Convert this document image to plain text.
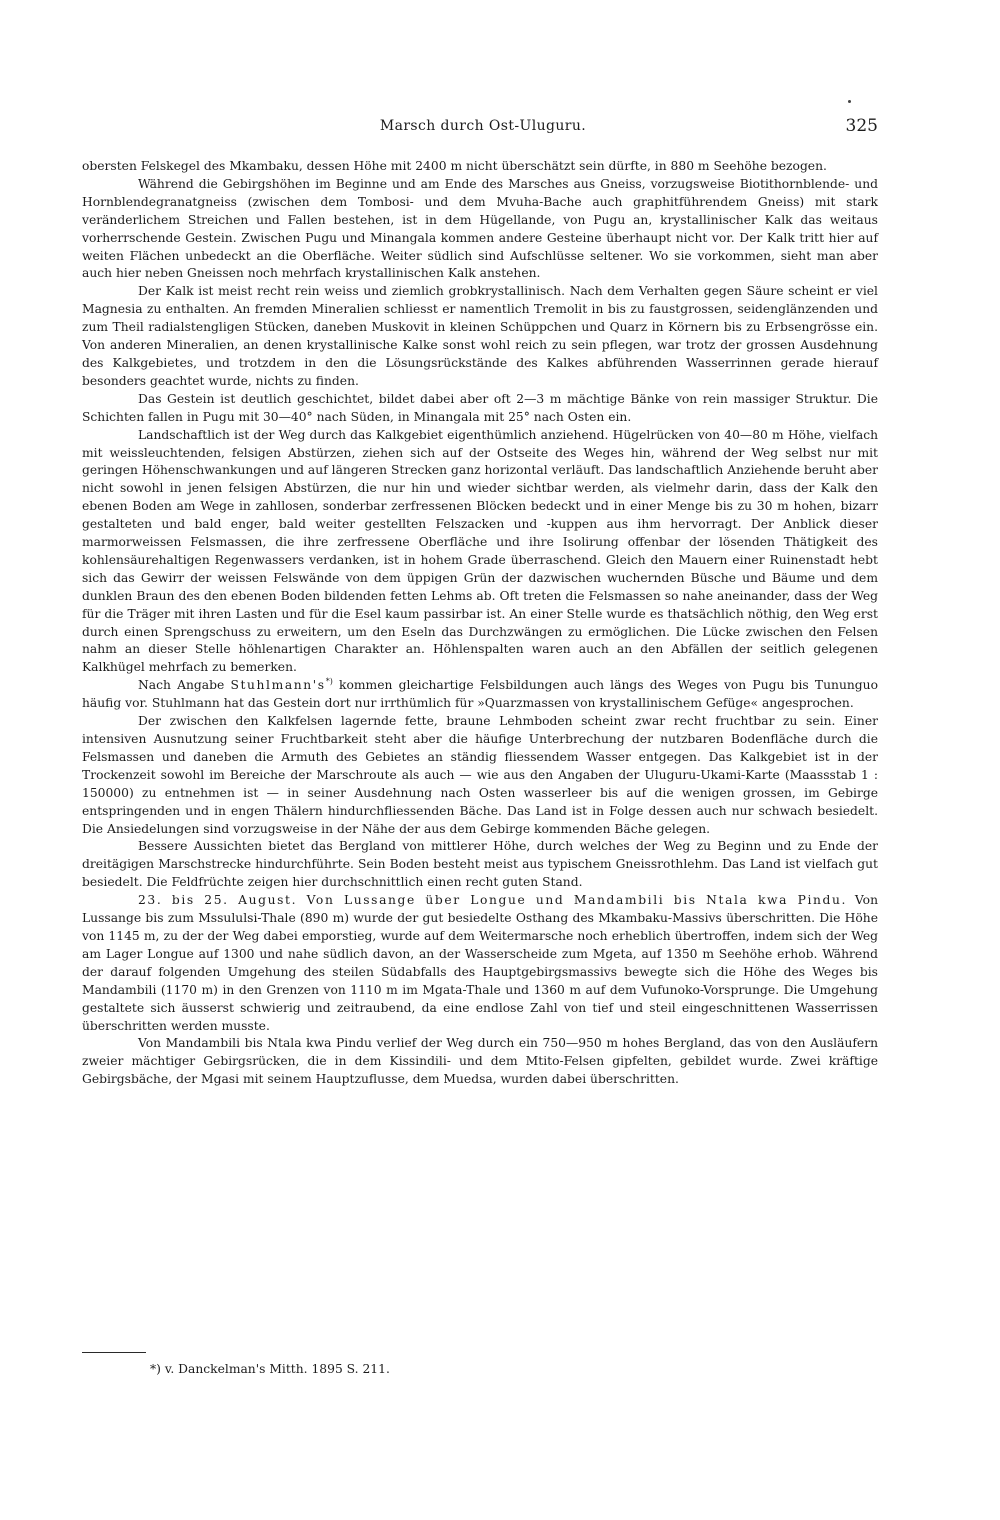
Marsch durch Ost-Uluguru.	325

obersten Felskegel des Mkambaku, dessen Höhe mit 2400 m nicht überschätzt sein dürfte, in 880 m Seehöhe bezogen.

Während die Gebirgshöhen im Beginne und am Ende des Marsches aus Gneiss, vorzugsweise Biotithornblende- und Hornblendegranatgneiss (zwischen dem Tombosi- und dem Mvuha-Bache auch graphitführendem Gneiss) mit stark veränderlichem Streichen und Fallen bestehen, ist in dem Hügellande, von Pugu an, krystallinischer Kalk das weitaus vorherrschende Gestein. Zwischen Pugu und Minangala kommen andere Gesteine überhaupt nicht vor. Der Kalk tritt hier auf weiten Flächen unbedeckt an die Oberfläche. Weiter südlich sind Aufschlüsse seltener. Wo sie vorkommen, sieht man aber auch hier neben Gneissen noch mehrfach krystallinischen Kalk anstehen.

Der Kalk ist meist recht rein weiss und ziemlich grobkrystallinisch. Nach dem Verhalten gegen Säure scheint er viel Magnesia zu enthalten. An fremden Mineralien schliesst er namentlich Tremolit in bis zu faustgrossen, seidenglänzenden und zum Theil radialstengligen Stücken, daneben Muskovit in kleinen Schüppchen und Quarz in Körnern bis zu Erbsengrösse ein. Von anderen Mineralien, an denen krystallinische Kalke sonst wohl reich zu sein pflegen, war trotz der grossen Ausdehnung des Kalkgebietes, und trotzdem in den die Lösungsrückstände des Kalkes abführenden Wasserrinnen gerade hierauf besonders geachtet wurde, nichts zu finden.

Das Gestein ist deutlich geschichtet, bildet dabei aber oft 2—3 m mächtige Bänke von rein massiger Struktur. Die Schichten fallen in Pugu mit 30—40° nach Süden, in Minangala mit 25° nach Osten ein.

Landschaftlich ist der Weg durch das Kalkgebiet eigenthümlich anziehend. Hügelrücken von 40—80 m Höhe, vielfach mit weissleuchtenden, felsigen Abstürzen, ziehen sich auf der Ostseite des Weges hin, während der Weg selbst nur mit geringen Höhenschwankungen und auf längeren Strecken ganz horizontal verläuft. Das landschaftlich Anziehende beruht aber nicht sowohl in jenen felsigen Abstürzen, die nur hin und wieder sichtbar werden, als vielmehr darin, dass der Kalk den ebenen Boden am Wege in zahllosen, sonderbar zerfressenen Blöcken bedeckt und in einer Menge bis zu 30 m hohen, bizarr gestalteten und bald enger, bald weiter gestellten Felszacken und -kuppen aus ihm hervorragt. Der Anblick dieser marmorweissen Felsmassen, die ihre zerfressene Oberfläche und ihre Isolirung offenbar der lösenden Thätigkeit des kohlensäurehaltigen Regenwassers verdanken, ist in hohem Grade überraschend. Gleich den Mauern einer Ruinenstadt hebt sich das Gewirr der weissen Felswände von dem üppigen Grün der dazwischen wuchernden Büsche und Bäume und dem dunklen Braun des den ebenen Boden bildenden fetten Lehms ab. Oft treten die Felsmassen so nahe aneinander, dass der Weg für die Träger mit ihren Lasten und für die Esel kaum passirbar ist. An einer Stelle wurde es thatsächlich nöthig, den Weg erst durch einen Sprengschuss zu erweitern, um den Eseln das Durchzwängen zu ermöglichen. Die Lücke zwischen den Felsen nahm an dieser Stelle höhlenartigen Charakter an. Höhlenspalten waren auch an den Abfällen der seitlich gelegenen Kalkhügel mehrfach zu bemerken.

Nach Angabe Stuhlmann's*) kommen gleichartige Felsbildungen auch längs des Weges von Pugu bis Tununguo häufig vor. Stuhlmann hat das Gestein dort nur irrthümlich für »Quarzmassen von krystallinischem Gefüge« angesprochen.

Der zwischen den Kalkfelsen lagernde fette, braune Lehmboden scheint zwar recht fruchtbar zu sein. Einer intensiven Ausnutzung seiner Fruchtbarkeit steht aber die häufige Unterbrechung der nutzbaren Bodenfläche durch die Felsmassen und daneben die Armuth des Gebietes an ständig fliessendem Wasser entgegen. Das Kalkgebiet ist in der Trockenzeit sowohl im Bereiche der Marschroute als auch — wie aus den Angaben der Uluguru-Ukami-Karte (Maassstab 1 : 150000) zu entnehmen ist — in seiner Ausdehnung nach Osten wasserleer bis auf die wenigen grossen, im Gebirge entspringenden und in engen Thälern hindurchfliessenden Bäche. Das Land ist in Folge dessen auch nur schwach besiedelt. Die Ansiedelungen sind vorzugsweise in der Nähe der aus dem Gebirge kommenden Bäche gelegen.

Bessere Aussichten bietet das Bergland von mittlerer Höhe, durch welches der Weg zu Beginn und zu Ende der dreitägigen Marschstrecke hindurchführte. Sein Boden besteht meist aus typischem Gneissrothlehm. Das Land ist vielfach gut besiedelt. Die Feldfrüchte zeigen hier durchschnittlich einen recht guten Stand.

23. bis 25. August. Von Lussange über Longue und Mandambili bis Ntala kwa Pindu. Von Lussange bis zum Mssululsi-Thale (890 m) wurde der gut besiedelte Osthang des Mkambaku-Massivs überschritten. Die Höhe von 1145 m, zu der der Weg dabei emporstieg, wurde auf dem Weitermarsche noch erheblich übertroffen, indem sich der Weg am Lager Longue auf 1300 und nahe südlich davon, an der Wasserscheide zum Mgeta, auf 1350 m Seehöhe erhob. Während der darauf folgenden Umgehung des steilen Südabfalls des Hauptgebirgsmassivs bewegte sich die Höhe des Weges bis Mandambili (1170 m) in den Grenzen von 1110 m im Mgata-Thale und 1360 m auf dem Vufunoko-Vorsprunge. Die Umgehung gestaltete sich äusserst schwierig und zeitraubend, da eine endlose Zahl von tief und steil eingeschnittenen Wasserrissen überschritten werden musste.

Von Mandambili bis Ntala kwa Pindu verlief der Weg durch ein 750—950 m hohes Bergland, das von den Ausläufern zweier mächtiger Gebirgsrücken, die in dem Kissindili- und dem Mtito-Felsen gipfelten, gebildet wurde. Zwei kräftige Gebirgsbäche, der Mgasi mit seinem Hauptzuflusse, dem Muedsa, wurden dabei überschritten.

*) v. Danckelman's Mitth. 1895 S. 211.
